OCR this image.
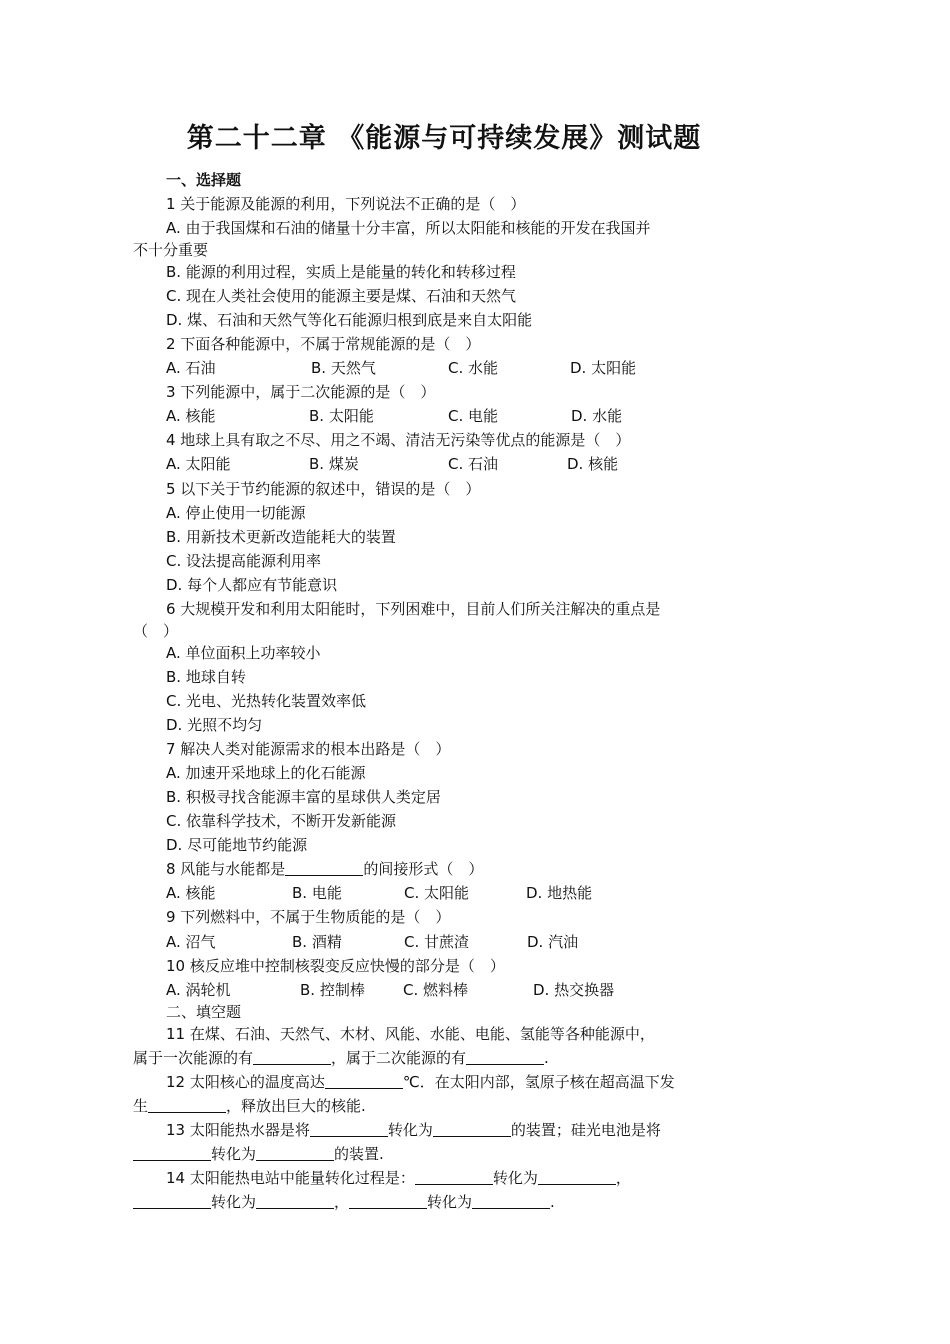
第二十二章 《能源与可持续发展》测试题
一、选择题
1 关于能源及能源的利用，下列说法不正确的是（　）
A. 由于我国煤和石油的储量十分丰富，所以太阳能和核能的开发在我国并
不十分重要
B. 能源的利用过程，实质上是能量的转化和转移过程
C. 现在人类社会使用的能源主要是煤、石油和天然气
D. 煤、石油和天然气等化石能源归根到底是来自太阳能
2 下面各种能源中，不属于常规能源的是（　）
A. 石油	B. 天然气	C. 水能	D. 太阳能
3 下列能源中，属于二次能源的是（　）
A. 核能	B. 太阳能	C. 电能	D. 水能
4 地球上具有取之不尽、用之不竭、清洁无污染等优点的能源是（　）
A. 太阳能	B. 煤炭	C. 石油	D. 核能
5 以下关于节约能源的叙述中，错误的是（　）
A. 停止使用一切能源
B. 用新技术更新改造能耗大的装置
C. 设法提高能源利用率
D. 每个人都应有节能意识
6 大规模开发和利用太阳能时，下列困难中，目前人们所关注解决的重点是
（　）
A. 单位面积上功率较小
B. 地球自转
C. 光电、光热转化装置效率低
D. 光照不均匀
7 解决人类对能源需求的根本出路是（　）
A. 加速开采地球上的化石能源
B. 积极寻找含能源丰富的星球供人类定居
C. 依靠科学技术，不断开发新能源
D. 尽可能地节约能源
8 风能与水能都是	的间接形式（　）
A. 核能	B. 电能	C. 太阳能	D. 地热能
9 下列燃料中，不属于生物质能的是（　）
A. 沼气	B. 酒精	C. 甘蔗渣	D. 汽油
10 核反应堆中控制核裂变反应快慢的部分是（　）
A. 涡轮机	B. 控制棒	C. 燃料棒	D. 热交换器
二、填空题
11 在煤、石油、天然气、木材、风能、水能、电能、氢能等各种能源中，
属于一次能源的有	，属于二次能源的有	.
12 太阳核心的温度高达	℃．在太阳内部，氢原子核在超高温下发
生	，释放出巨大的核能.
13 太阳能热水器是将	转化为	的装置；硅光电池是将
转化为	的装置.
14 太阳能热电站中能量转化过程是：	转化为	，
转化为	，	转化为	.
